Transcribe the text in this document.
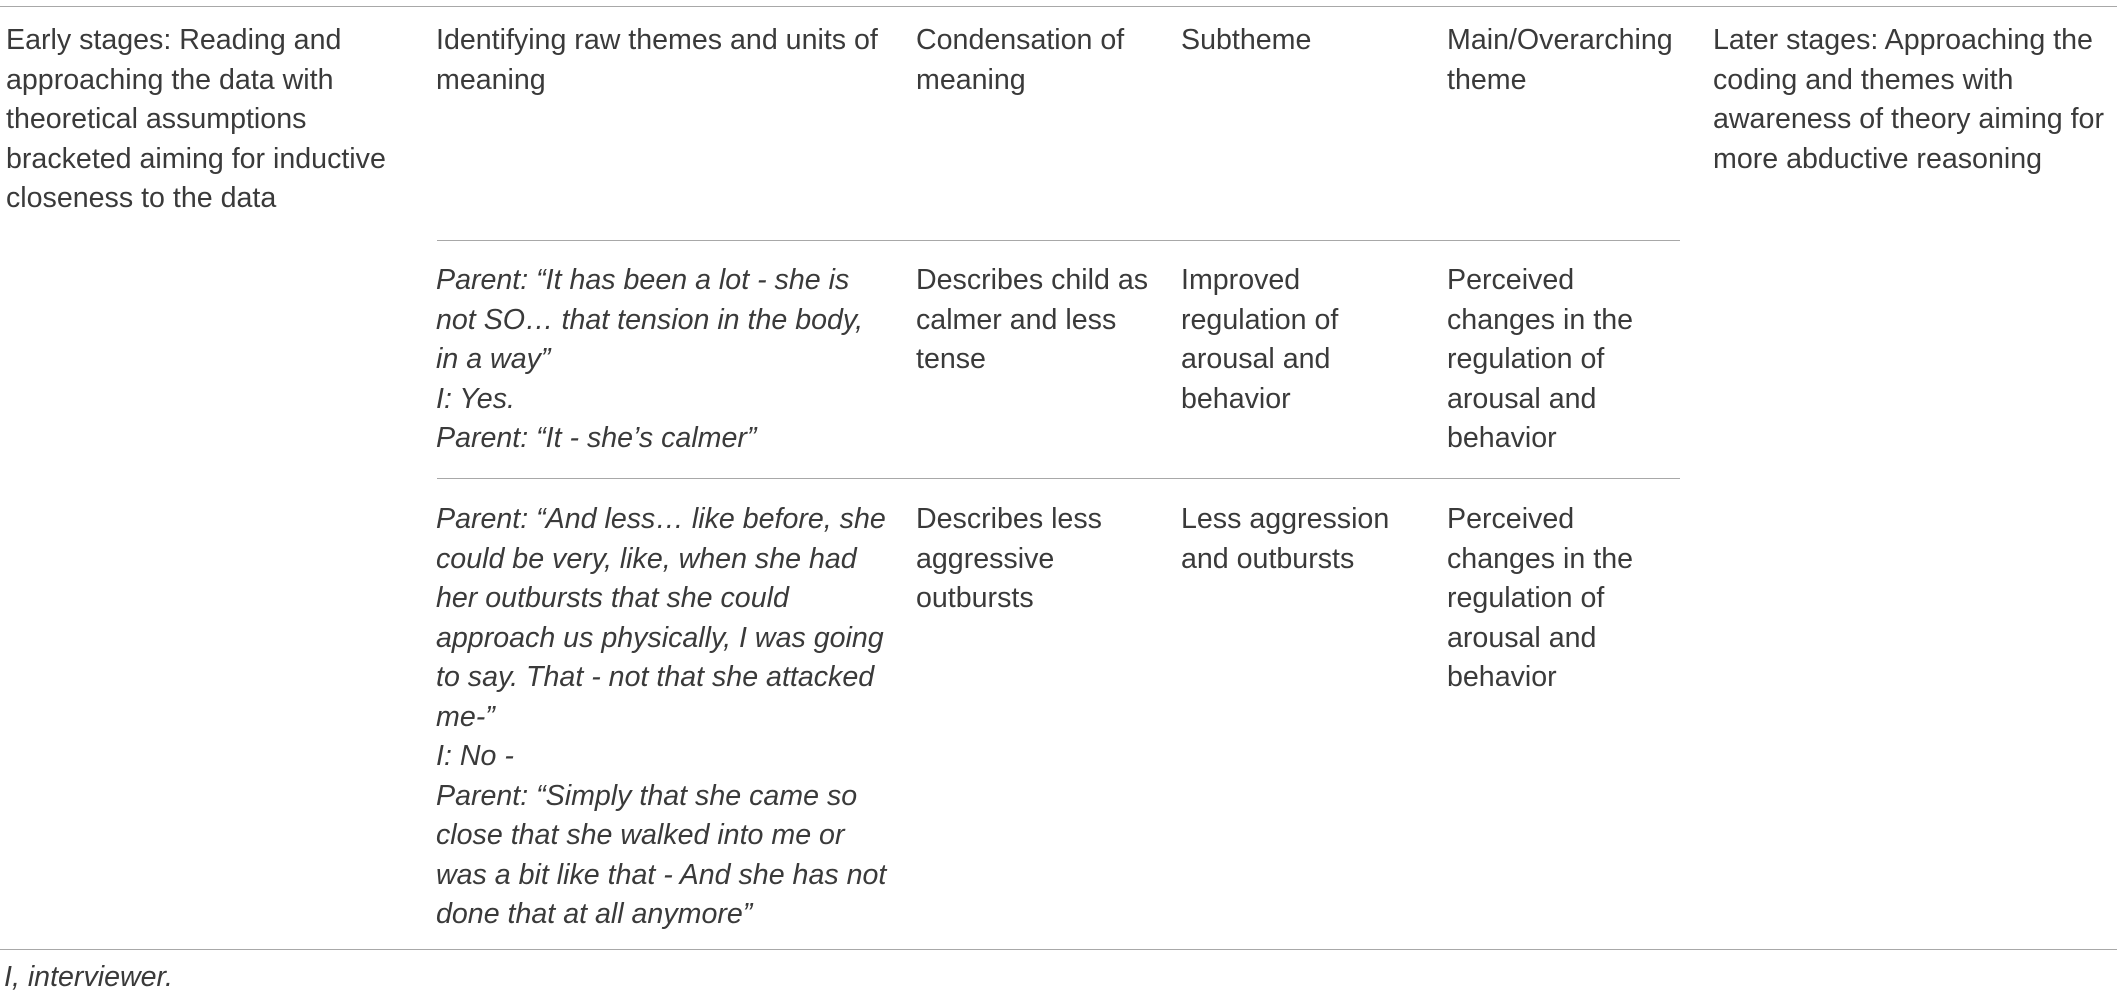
Early stages: Reading and
approaching the data with
theoretical assumptions
bracketed aiming for inductive
closeness to the data
Identifying raw themes and units of
meaning
Condensation of
meaning
Subtheme	Main/Overarching
theme
Later stages: Approaching the
coding and themes with
awareness of theory aiming for
more abductive reasoning
Parent: “It has been a lot - she is
not SO… that tension in the body,
in a way”
I: Yes.
Parent: “It - she’s calmer”
Describes child as
calmer and less
tense
Improved
regulation of
arousal and
behavior
Perceived
changes in the
regulation of
arousal and
behavior
Parent: “And less… like before, she
could be very, like, when she had
her outbursts that she could
approach us physically, I was going
to say. That - not that she attacked
me-”
I: No -
Parent: “Simply that she came so
close that she walked into me or
was a bit like that - And she has not
done that at all anymore”
Describes less
aggressive
outbursts
Less aggression
and outbursts
Perceived
changes in the
regulation of
arousal and
behavior
I, interviewer.
